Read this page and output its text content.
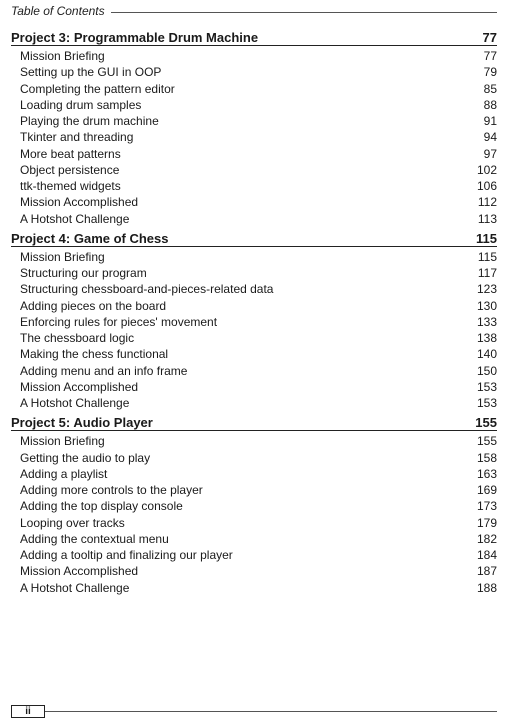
Table of Contents
Project 3: Programmable Drum Machine	77
Mission Briefing	77
Setting up the GUI in OOP	79
Completing the pattern editor	85
Loading drum samples	88
Playing the drum machine	91
Tkinter and threading	94
More beat patterns	97
Object persistence	102
ttk-themed widgets	106
Mission Accomplished	112
A Hotshot Challenge	113
Project 4: Game of Chess	115
Mission Briefing	115
Structuring our program	117
Structuring chessboard-and-pieces-related data	123
Adding pieces on the board	130
Enforcing rules for pieces' movement	133
The chessboard logic	138
Making the chess functional	140
Adding menu and an info frame	150
Mission Accomplished	153
A Hotshot Challenge	153
Project 5: Audio Player	155
Mission Briefing	155
Getting the audio to play	158
Adding a playlist	163
Adding more controls to the player	169
Adding the top display console	173
Looping over tracks	179
Adding the contextual menu	182
Adding a tooltip and finalizing our player	184
Mission Accomplished	187
A Hotshot Challenge	188
ii
